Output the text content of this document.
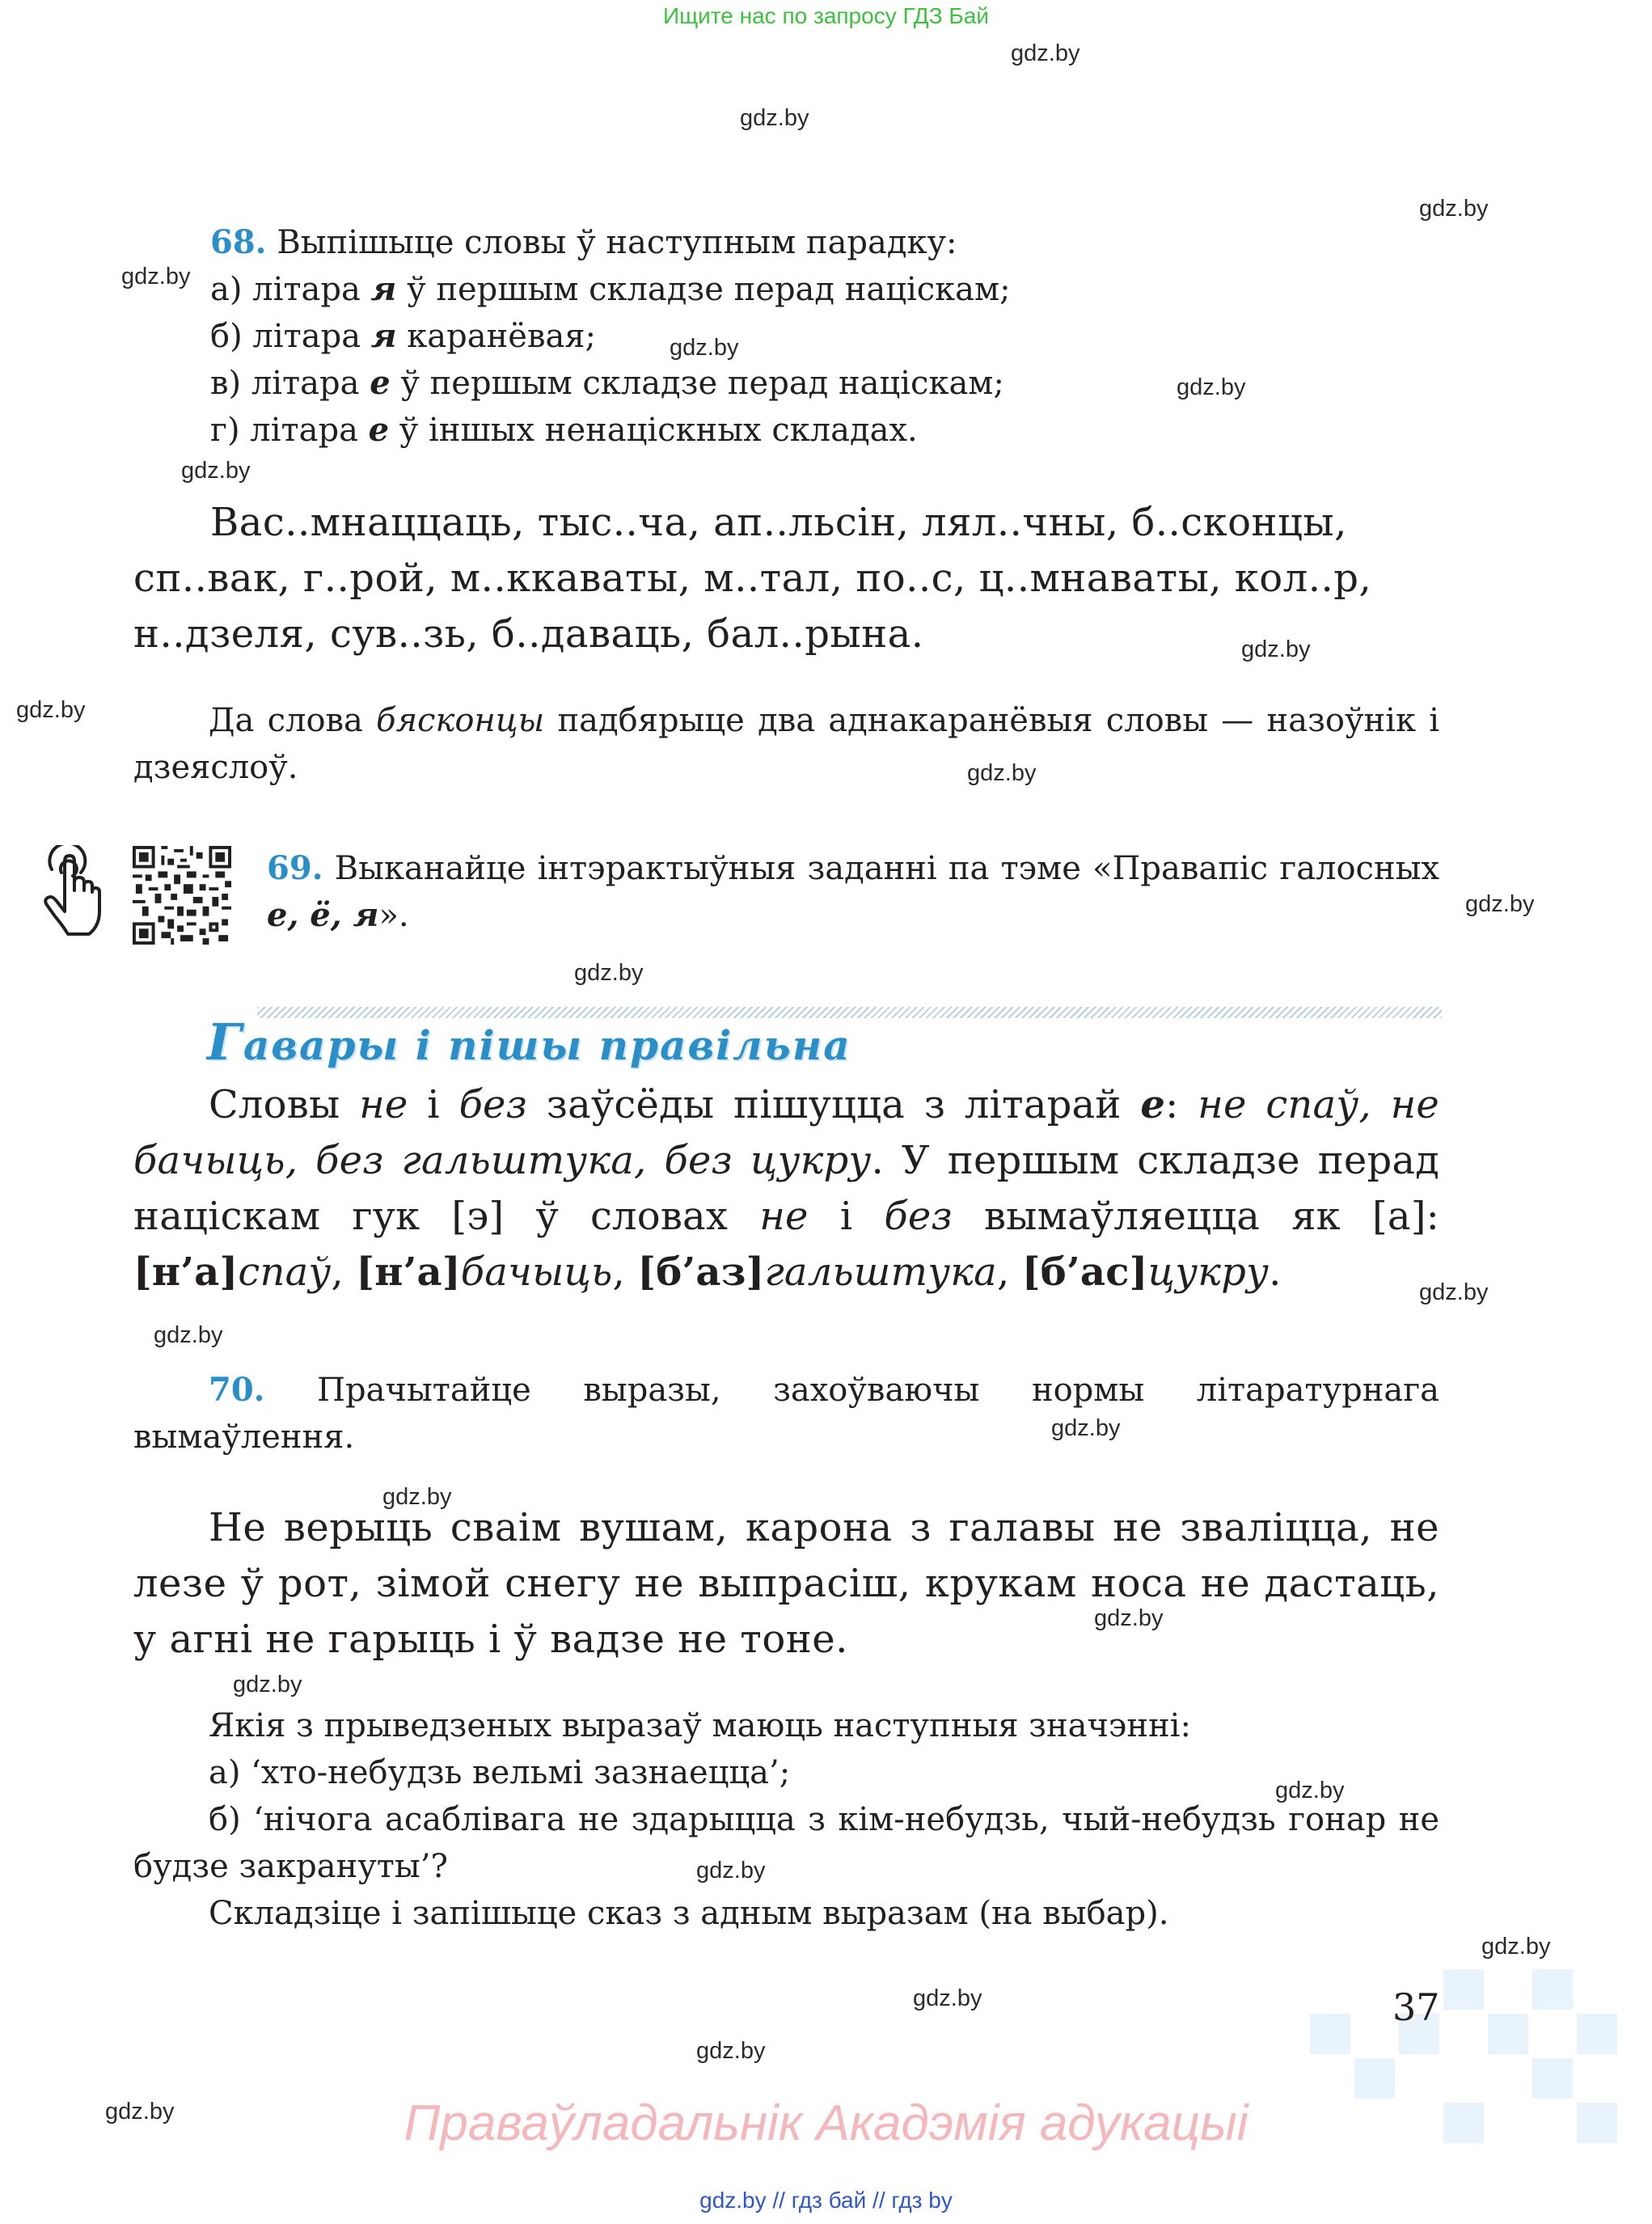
Ищите нас по запросу ГДЗ Бай
gdz.by
gdz.by
gdz.by
gdz.by
gdz.by
gdz.by
gdz.by
gdz.by
gdz.by
gdz.by
gdz.by
gdz.by
gdz.by
gdz.by
gdz.by
gdz.by
gdz.by
gdz.by
gdz.by
gdz.by
gdz.by
gdz.by
gdz.by
gdz.by

68. Выпішыце словы ў наступным парадку:

а) літара я ў першым складзе перад націскам;

б) літара я каранёвая;

в) літара е ў першым складзе перад націскам;

г) літара е ў іншых ненаціскных складах.

Вас..мнаццаць, тыс..ча, ап..льсін, лял..чны, б..сконцы,

сп..вак, г..рой, м..ккаваты, м..тал, по..с, ц..мнаваты, кол..р,

н..дзеля, сув..зь, б..даваць, бал..рына.

Да слова бясконцы падбярыце два аднакаранёвыя словы — назоўнік і дзеяслоў.
69. Выканайце інтэрактыўныя заданні па тэме «Правапіс галосных е, ё, я».
Гавары і пішы правільна
Словы не і без заўсёды пішуцца з літарай е: не спаў, не бачыць, без гальштука, без цукру. У першым складзе перад націскам гук [э] ў словах не і без вымаўляецца як [а]: [н’а]спаў, [н’а]бачыць, [б’аз]гальштука, [б’ас]цукру.
70. Прачытайце выразы, захоўваючы нормы літаратурнага вымаўлення.
Не верыць сваім вушам, карона з галавы не зваліцца, не лезе ў рот, зімой снегу не выпрасіш, крукам носа не дастаць, у агні не гарыць і ў вадзе не тоне.

Якія з прыведзеных выразаў маюць наступныя значэнні:

а) ‘хто-небудзь вельмі зазнаецца’;

б) ‘нічога асаблівага не здарыцца з кім-небудзь, чый-небудзь гонар не будзе закрануты’?

Складзіце і запішыце сказ з адным выразам (на выбар).

37
Праваўладальнік Акадэмія адукацыі
gdz.by // гдз бай // гдз by
